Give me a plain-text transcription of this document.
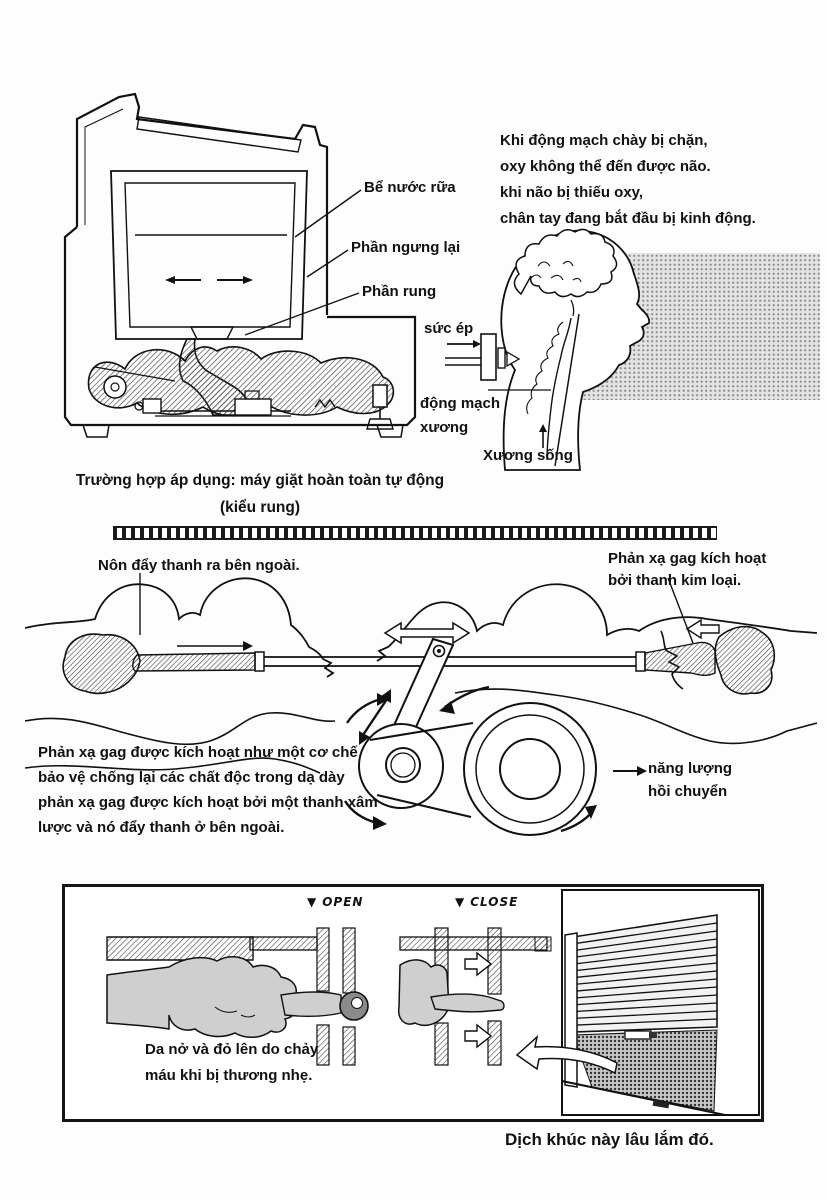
Bể nước rữa
Phần ngưng lại
Phần rung
Khi động mạch chày bị chặn,
oxy không thể đến được não.
khi não bị thiếu oxy,
chân tay đang bắt đầu bị kinh động.
sức ép
động mạch
xương
Xương sống
Trường hợp áp dụng: máy giặt hoàn toàn tự động
(kiểu rung)
Nôn đẩy thanh ra bên ngoài.	Phản xạ gag kích hoạt
bởi thanh kim loại.
Phản xạ gag được kích hoạt như một cơ chế bảo vệ chống lại các chất độc trong dạ dày phản xạ gag được kích hoạt bởi một thanh xâm lược và nó đẩy thanh ở bên ngoài.
năng lượng
hồi chuyển
▼ OPEN	▼ CLOSE
Da nở và đỏ lên do chảy
máu khi bị thương nhẹ.
Dịch khúc này lâu lắm đó.
